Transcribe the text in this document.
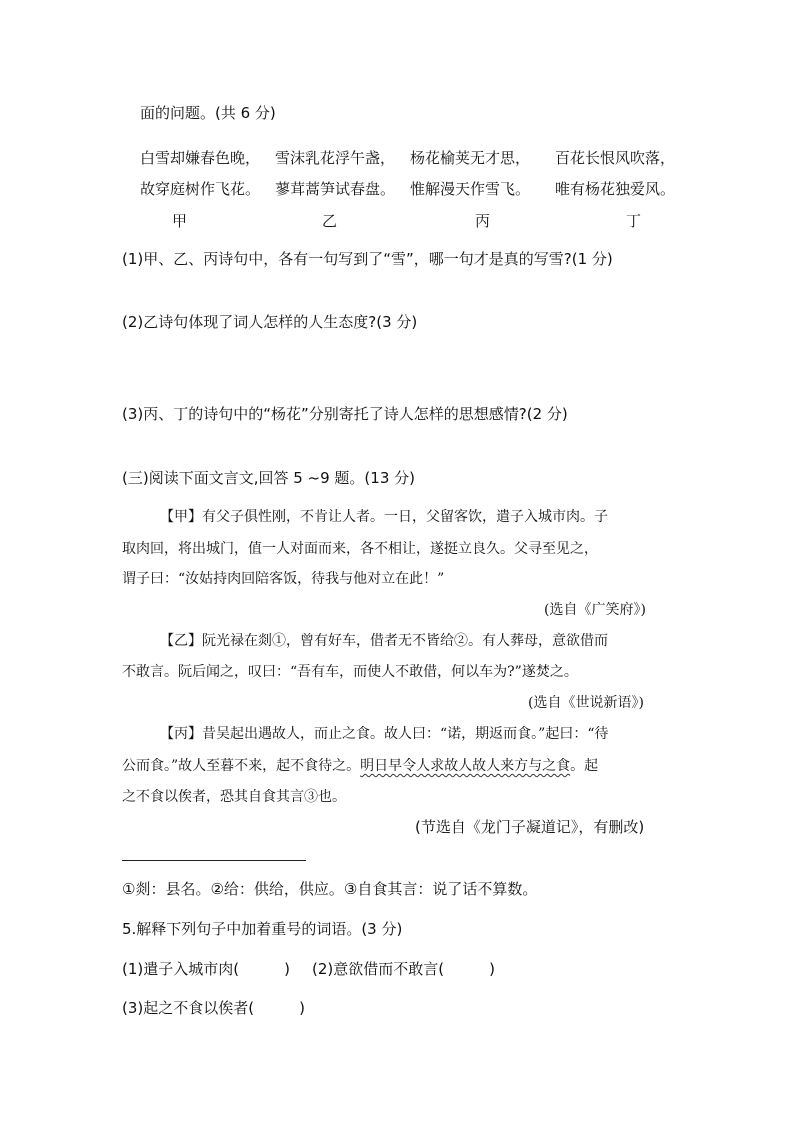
面的问题。(共 6 分)
白雪却嫌春色晚， 雪沫乳花浮午盏， 杨花榆荚无才思， 百花长恨风吹落，
故穿庭树作飞花。 蓼茸蒿笋试春盘。 惟解漫天作雪飞。 唯有杨花独爱风。
甲	乙	丙	丁
(1)甲、乙、丙诗句中，各有一句写到了“雪”，哪一句才是真的写雪?(1 分)
(2)乙诗句体现了词人怎样的人生态度?(3 分)
(3)丙、丁的诗句中的“杨花”分别寄托了诗人怎样的思想感情?(2 分)
(三)阅读下面文言文,回答 5 ~9 题。(13 分)
【甲】有父子俱性刚，不肯让人者。一日，父留客饮，遣子入城市肉。子
取肉回，将出城门，值一人对面而来，各不相让，遂挺立良久。父寻至见之，
谓子曰：“汝姑持肉回陪客饭，待我与他对立在此！”
(选自《广笑府》)
【乙】阮光禄在剡①，曾有好车，借者无不皆给②。有人葬母，意欲借而
不敢言。阮后闻之，叹曰：“吾有车，而使人不敢借，何以车为?”遂焚之。
(选自《世说新语》)
【丙】昔吴起出遇故人，而止之食。故人曰：“诺，期返而食。”起曰：“待
公而食。”故人至暮不来，起不食待之。明日早令人求故人故人来方与之食。起
之不食以俟者，恐其自食其言③也。
(节选自《龙门子凝道记》，有删改)
①剡：县名。②给：供给，供应。③自食其言：说了话不算数。
5.解释下列句子中加着重号的词语。(3 分)
(1)遣子入城市肉(　　　) (2)意欲借而不敢言(　　　)
(3)起之不食以俟者(　　　)
